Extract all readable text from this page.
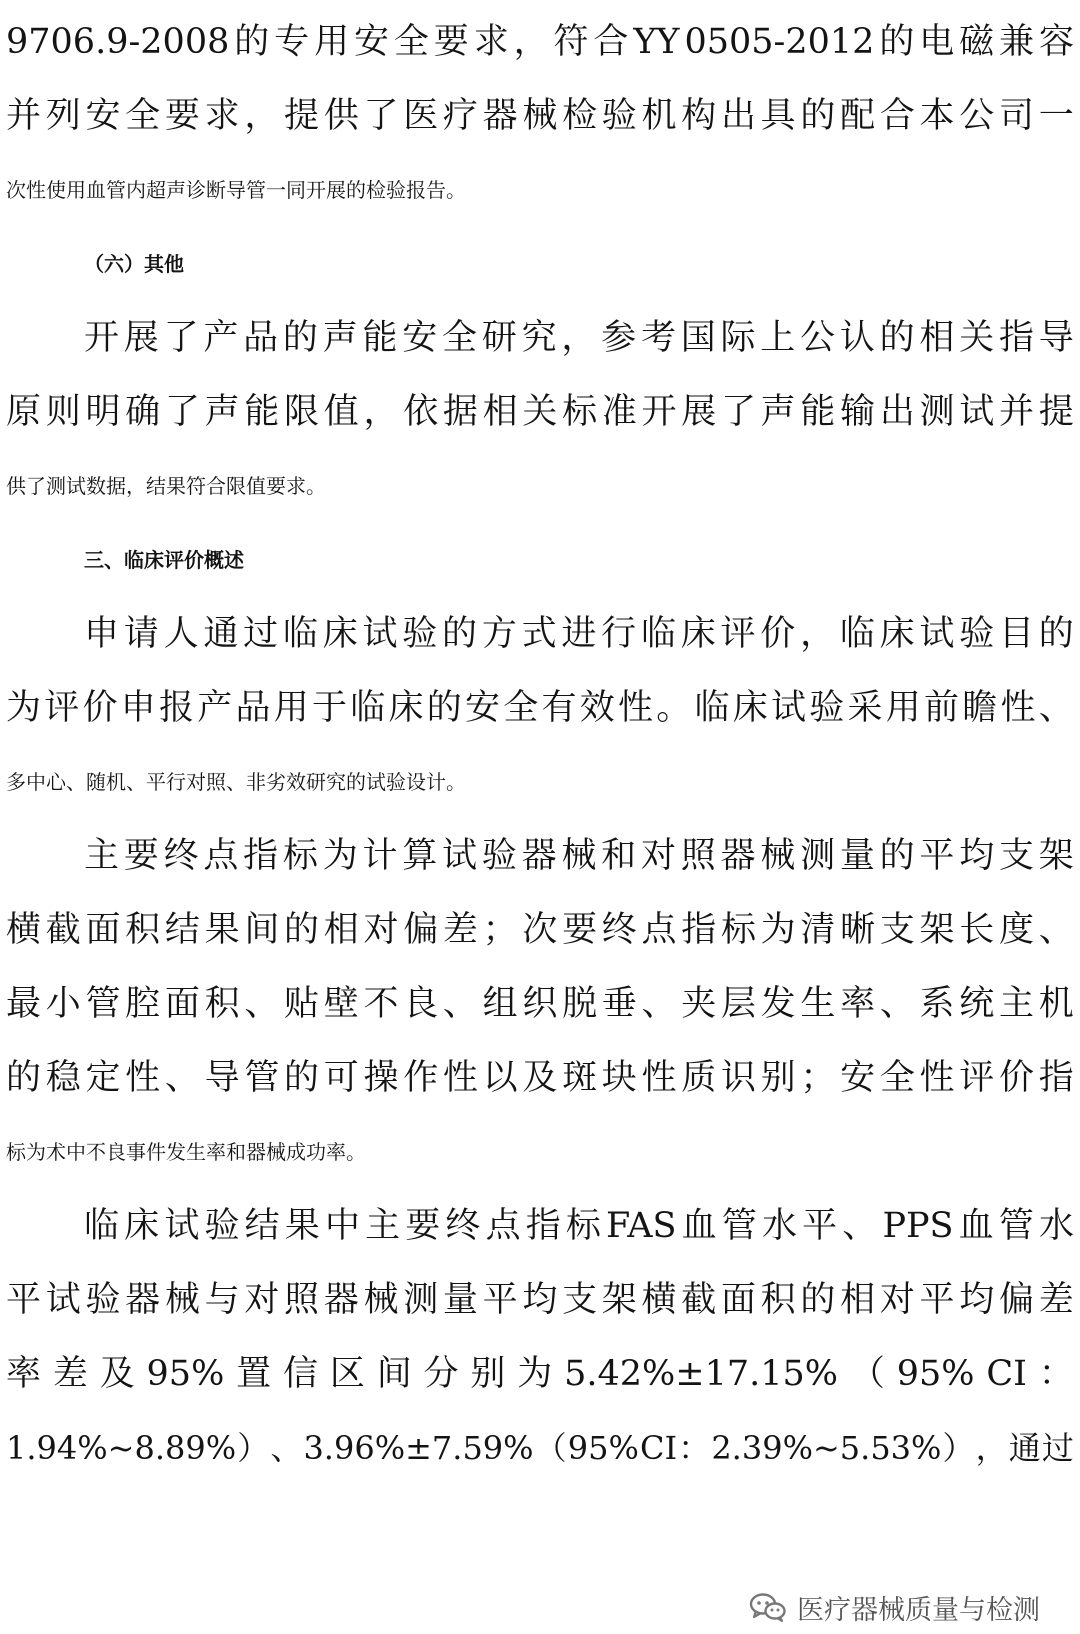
9706.9-2008 的 专 用 安 全 要 求 ， 符 合 YY 0505-2012 的 电 磁 兼 容
并 列 安 全 要 求 ， 提 供 了 医 疗 器 械 检 验 机 构 出 具 的 配 合 本 公 司 一
次性使用血管内超声诊断导管一同开展的检验报告。
（六）其他
开 展 了 产 品 的 声 能 安 全 研 究 ， 参 考 国 际 上 公 认 的 相 关 指 导
原 则 明 确 了 声 能 限 值 ， 依 据 相 关 标 准 开 展 了 声 能 输 出 测 试 并 提
供了测试数据，结果符合限值要求。
三、临床评价概述
申 请 人 通 过 临 床 试 验 的 方 式 进 行 临 床 评 价 ， 临 床 试 验 目 的
为 评 价 申 报 产 品 用 于 临 床 的 安 全 有 效 性 。 临 床 试 验 采 用 前 瞻 性 、
多中心、随机、平行对照、非劣效研究的试验设计。
主 要 终 点 指 标 为 计 算 试 验 器 械 和 对 照 器 械 测 量 的 平 均 支 架
横 截 面 积 结 果 间 的 相 对 偏 差 ； 次 要 终 点 指 标 为 清 晰 支 架 长 度 、
最 小 管 腔 面 积 、 贴 壁 不 良 、 组 织 脱 垂 、 夹 层 发 生 率 、 系 统 主 机
的 稳 定 性 、 导 管 的 可 操 作 性 以 及 斑 块 性 质 识 别 ； 安 全 性 评 价 指
标为术中不良事件发生率和器械成功率。
临 床 试 验 结 果 中 主 要 终 点 指 标 FAS 血 管 水 平 、 PPS 血 管 水
平 试 验 器 械 与 对 照 器 械 测 量 平 均 支 架 横 截 面 积 的 相 对 平 均 偏 差
率 差 及 95% 置 信 区 间 分 别 为 5.42%±17.15% （ 95% CI ：
1.94%~8.89% ） 、 3.96%±7.59% （ 95% CI ： 2.39%~5.53% ） ， 通 过
医疗器械质量与检测
